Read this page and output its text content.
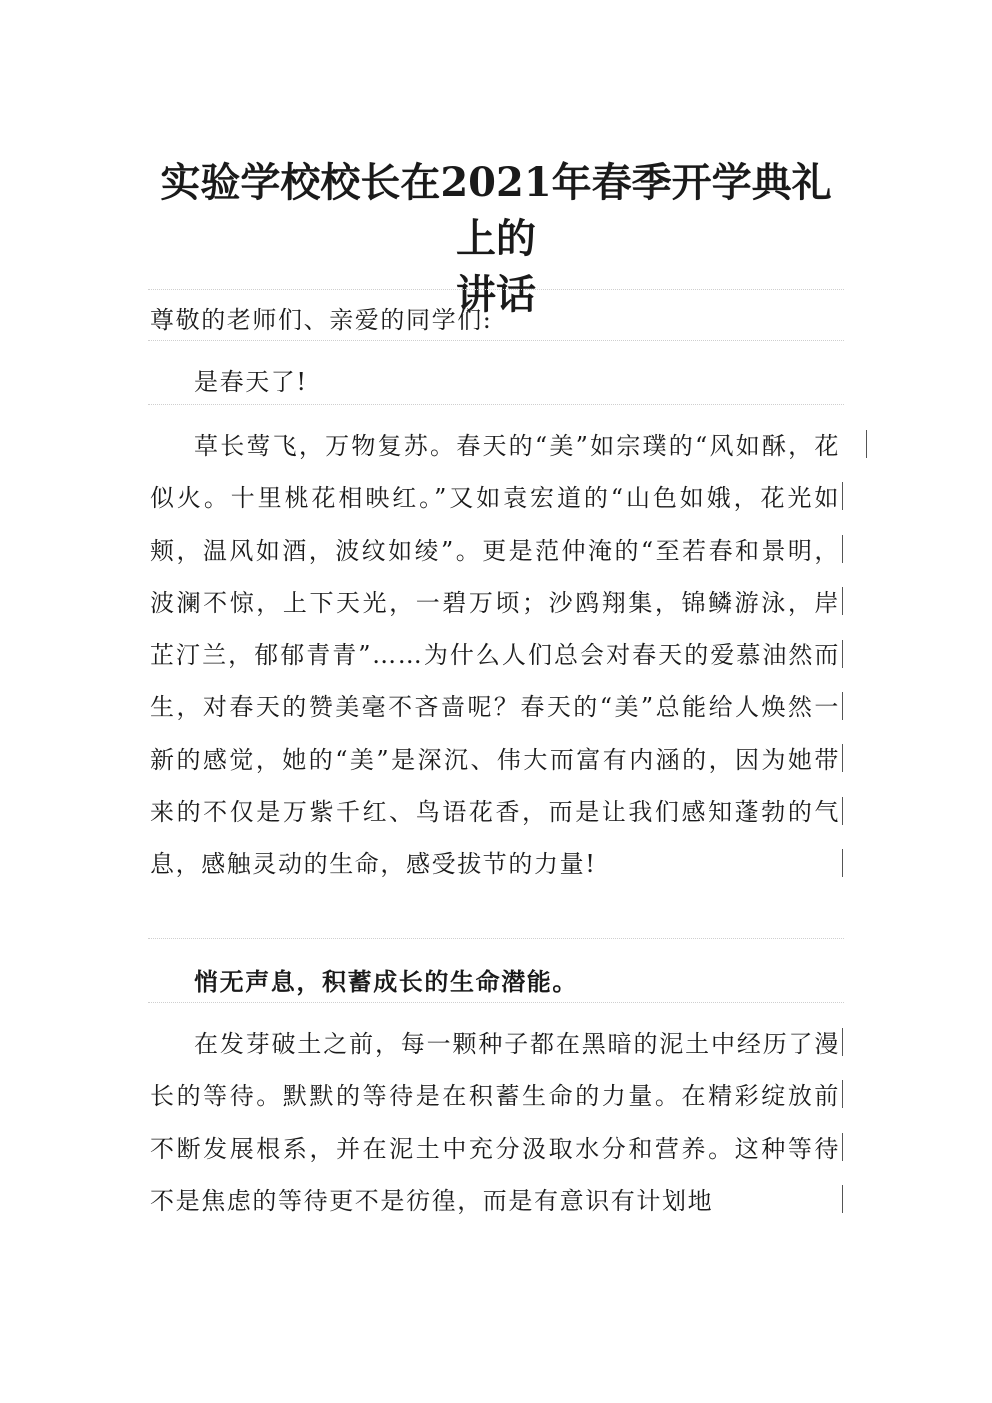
实验学校校长在2021年春季开学典礼上的
讲话
尊敬的老师们、亲爱的同学们:
是春天了!
草长莺飞，万物复苏。春天的“美”如宗璞的“风如酥，花似火。十里桃花相映红。”又如袁宏道的“山色如娥，花光如颊，温风如酒，波纹如绫”。更是范仲淹的“至若春和景明，波澜不惊，上下天光，一碧万顷；沙鸥翔集，锦鳞游泳，岸芷汀兰，郁郁青青”……为什么人们总会对春天的爱慕油然而生，对春天的赞美毫不吝啬呢？春天的“美”总能给人焕然一新的感觉，她的“美”是深沉、伟大而富有内涵的，因为她带来的不仅是万紫千红、鸟语花香，而是让我们感知蓬勃的气息，感触灵动的生命，感受拔节的力量!
悄无声息，积蓄成长的生命潜能。
在发芽破土之前，每一颗种子都在黑暗的泥土中经历了漫长的等待。默默的等待是在积蓄生命的力量。在精彩绽放前不断发展根系，并在泥土中充分汲取水分和营养。这种等待不是焦虑的等待更不是彷徨，而是有意识有计划地
